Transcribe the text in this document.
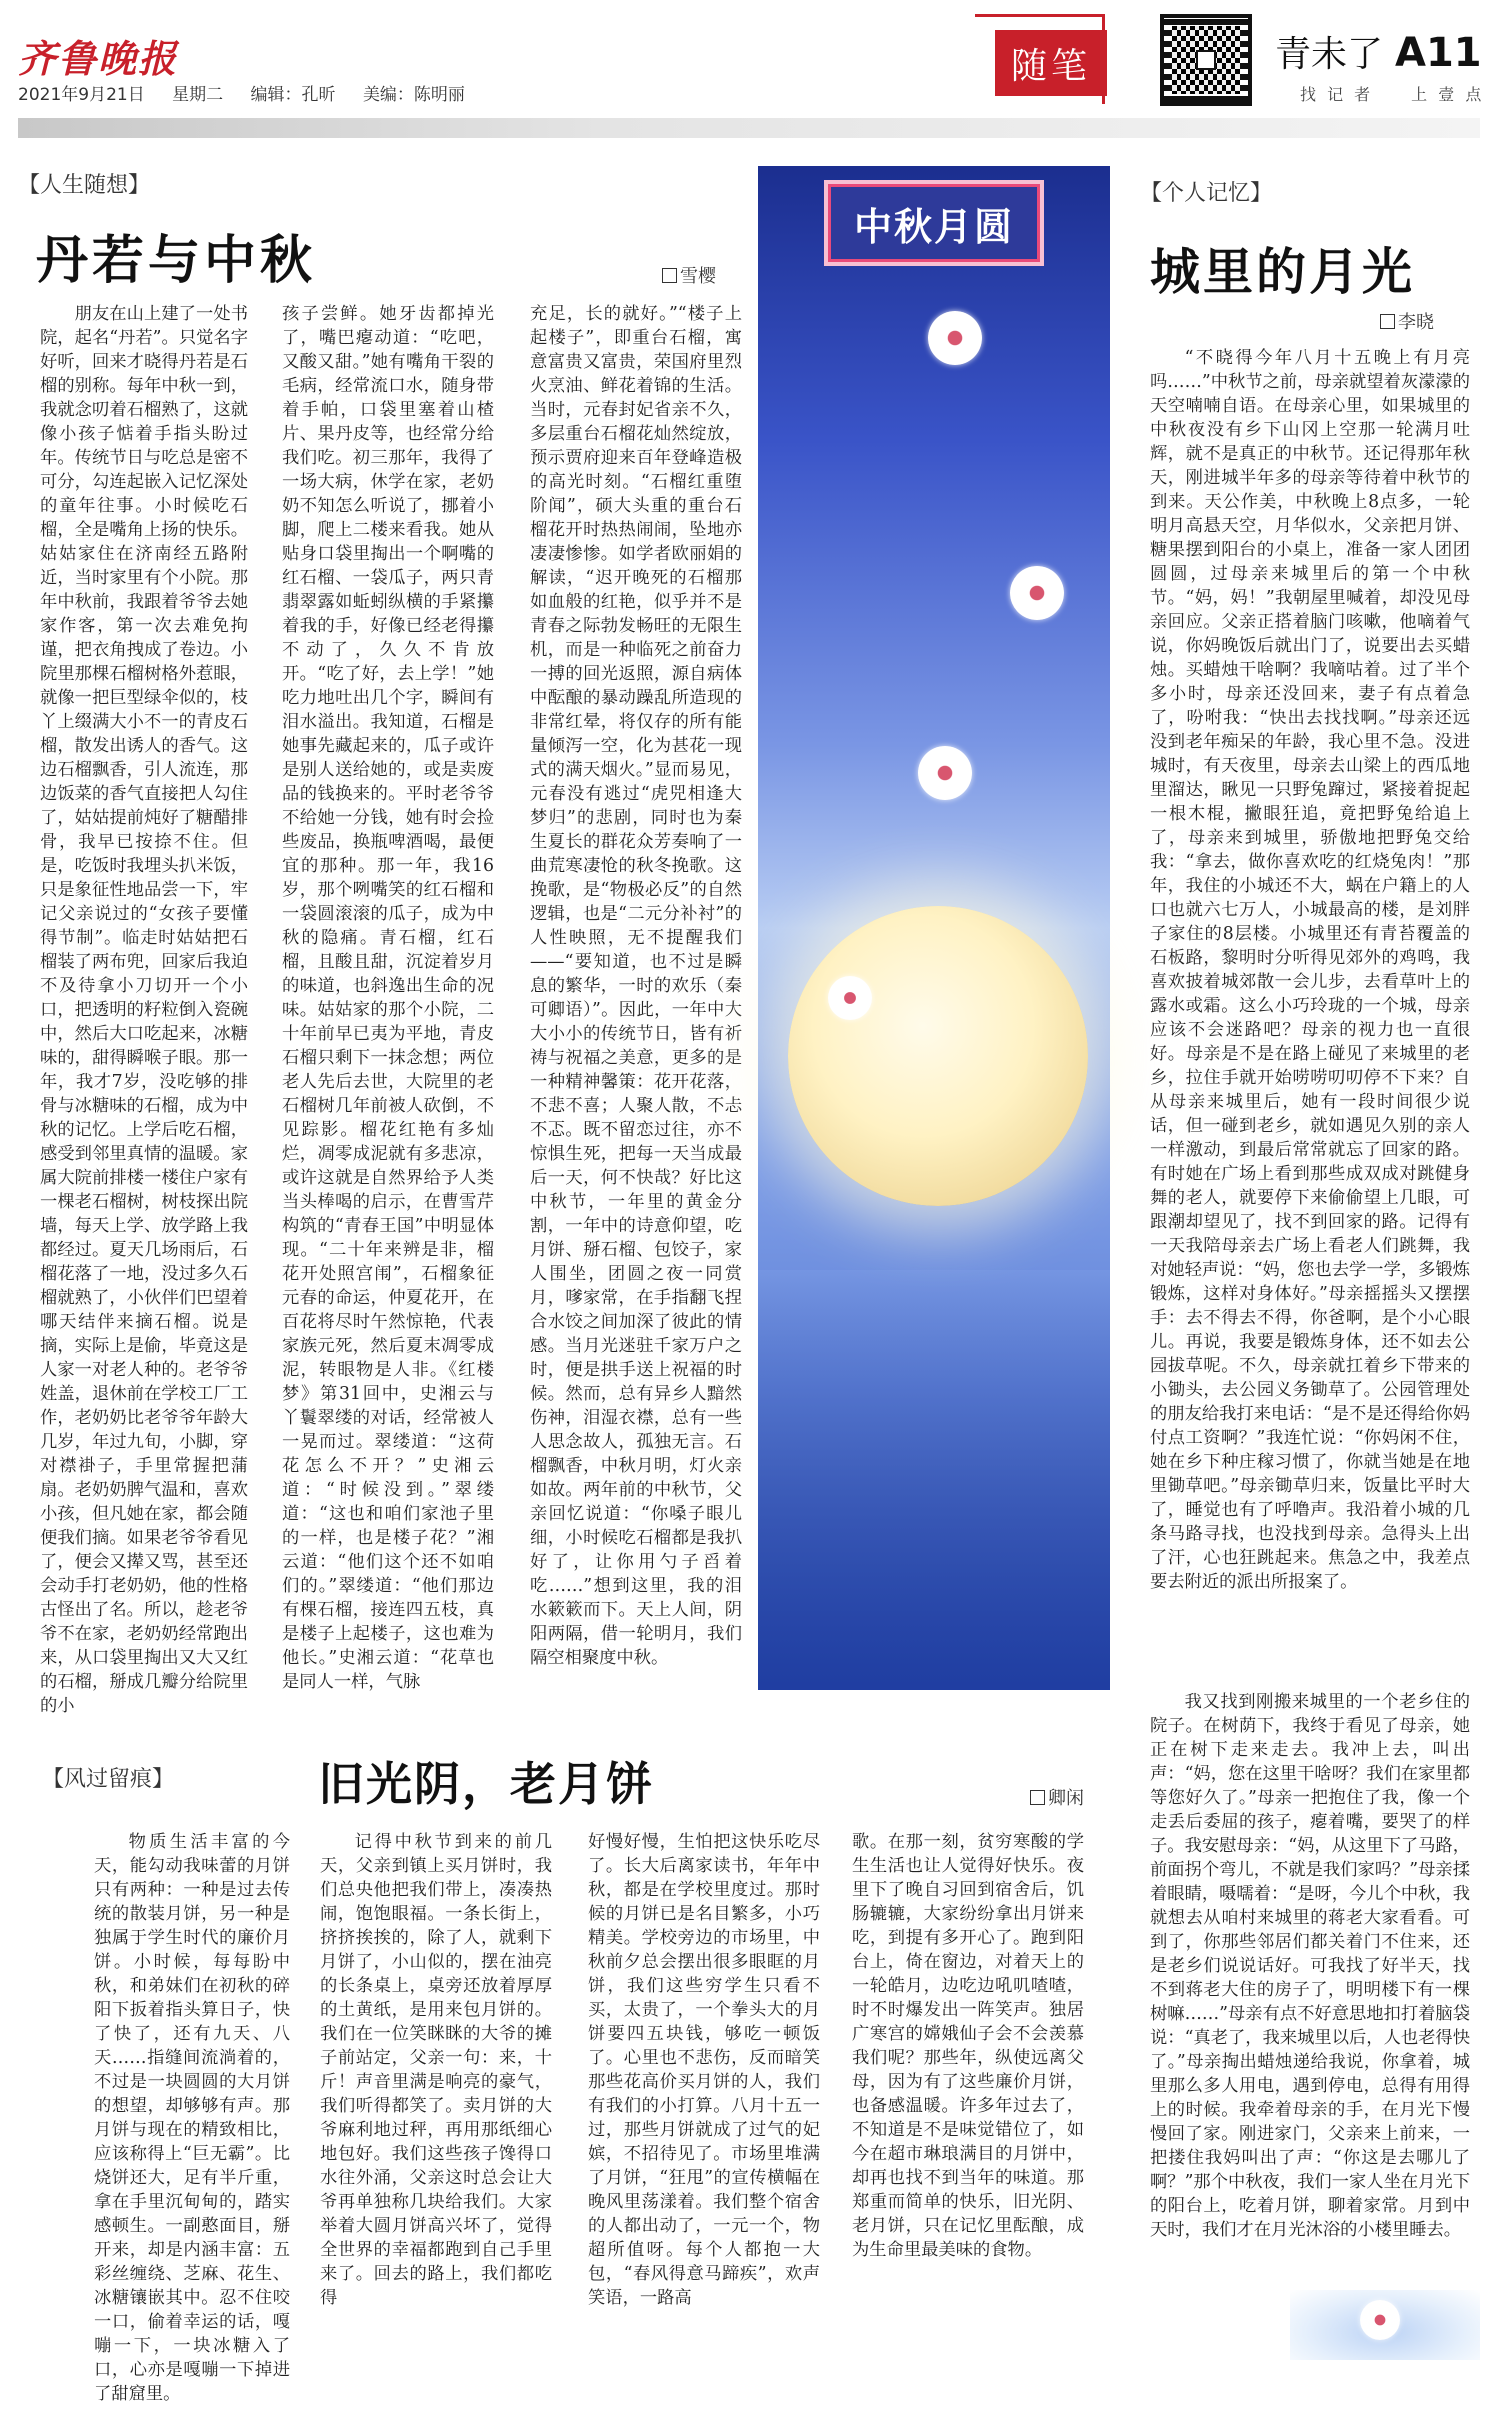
齐鲁晚报
2021年9月21日 星期二 编辑：孔昕 美编：陈明丽
随笔	青未了 A11
找 记 者　　上 壹 点
【人生随想】
丹若与中秋	雪樱

朋友在山上建了一处书院，起名“丹若”。只觉名字好听，回来才晓得丹若是石榴的别称。每年中秋一到，我就念叨着石榴熟了，这就像小孩子惦着手指头盼过年。传统节日与吃总是密不可分，勾连起嵌入记忆深处的童年往事。小时候吃石榴，全是嘴角上扬的快乐。姑姑家住在济南经五路附近，当时家里有个小院。那年中秋前，我跟着爷爷去她家作客，第一次去难免拘谨，把衣角拽成了卷边。小院里那棵石榴树格外惹眼，就像一把巨型绿伞似的，枝丫上缀满大小不一的青皮石榴，散发出诱人的香气。这边石榴飘香，引人流连，那边饭菜的香气直接把人勾住了，姑姑提前炖好了糖醋排骨，我早已按捺不住。但是，吃饭时我埋头扒米饭，只是象征性地品尝一下，牢记父亲说过的“女孩子要懂得节制”。临走时姑姑把石榴装了两布兜，回家后我迫不及待拿小刀切开一个小口，把透明的籽粒倒入瓷碗中，然后大口吃起来，冰糖味的，甜得瞬喉子眼。那一年，我才7岁，没吃够的排骨与冰糖味的石榴，成为中秋的记忆。上学后吃石榴，感受到邻里真情的温暖。家属大院前排楼一楼住户家有一棵老石榴树，树枝探出院墙，每天上学、放学路上我都经过。夏天几场雨后，石榴花落了一地，没过多久石榴就熟了，小伙伴们巴望着哪天结伴来摘石榴。说是摘，实际上是偷，毕竟这是人家一对老人种的。老爷爷姓盖，退休前在学校工厂工作，老奶奶比老爷爷年龄大几岁，年过九旬，小脚，穿对襟褂子，手里常握把蒲扇。老奶奶脾气温和，喜欢小孩，但凡她在家，都会随便我们摘。如果老爷爷看见了，便会又撵又骂，甚至还会动手打老奶奶，他的性格古怪出了名。所以，趁老爷爷不在家，老奶奶经常跑出来，从口袋里掏出又大又红的石榴，掰成几瓣分给院里的小

孩子尝鲜。她牙齿都掉光了，嘴巴瘪动道：“吃吧，又酸又甜。”她有嘴角干裂的毛病，经常流口水，随身带着手帕，口袋里塞着山楂片、果丹皮等，也经常分给我们吃。初三那年，我得了一场大病，休学在家，老奶奶不知怎么听说了，挪着小脚，爬上二楼来看我。她从贴身口袋里掏出一个啊嘴的红石榴、一袋瓜子，两只青翡翠露如蚯蚓纵横的手紧攥着我的手，好像已经老得攥不动了，久久不肯放开。“吃了好，去上学！”她吃力地吐出几个字，瞬间有泪水溢出。我知道，石榴是她事先藏起来的，瓜子或许是别人送给她的，或是卖废品的钱换来的。平时老爷爷不给她一分钱，她有时会捡些废品，换瓶啤酒喝，最便宜的那种。那一年，我16岁，那个咧嘴笑的红石榴和一袋圆滚滚的瓜子，成为中秋的隐痛。青石榴，红石榴，且酸且甜，沉淀着岁月的味道，也斜逸出生命的况味。姑姑家的那个小院，二十年前早已夷为平地，青皮石榴只剩下一抹念想；两位老人先后去世，大院里的老石榴树几年前被人砍倒，不见踪影。榴花红艳有多灿烂，凋零成泥就有多悲凉，或许这就是自然界给予人类当头棒喝的启示，在曹雪芹构筑的“青春王国”中明显体现。“二十年来辨是非，榴花开处照宫闱”，石榴象征元春的命运，仲夏花开，在百花将尽时午然惊艳，代表家族元死，然后夏末凋零成泥，转眼物是人非。《红楼梦》第31回中，史湘云与丫鬟翠缕的对话，经常被人一晃而过。翠缕道：“这荷花怎么不开？”史湘云道：“时候没到。”翠缕道：“这也和咱们家池子里的一样，也是楼子花？”湘云道：“他们这个还不如咱们的。”翠缕道：“他们那边有棵石榴，接连四五枝，真是楼子上起楼子，这也难为他长。”史湘云道：“花草也是同人一样，气脉

充足，长的就好。”“楼子上起楼子”，即重台石榴，寓意富贵又富贵，荣国府里烈火烹油、鲜花着锦的生活。当时，元春封妃省亲不久，多层重台石榴花灿然绽放，预示贾府迎来百年登峰造极的高光时刻。“石榴红重堕阶闻”，硕大头重的重台石榴花开时热热闹闹，坠地亦凄凄惨惨。如学者欧丽娟的解读，“迟开晚死的石榴那如血般的红艳，似乎并不是青春之际勃发畅旺的无限生机，而是一种临死之前奋力一搏的回光返照，源自病体中酝酿的暴动躁乱所造现的非常红晕，将仅存的所有能量倾泻一空，化为甚花一现式的满天烟火。”显而易见，元春没有逃过“虎兕相逢大梦归”的悲剧，同时也为秦生夏长的群花众芳奏响了一曲荒寒凄怆的秋冬挽歌。这挽歌，是“物极必反”的自然逻辑，也是“二元分补衬”的人性映照，无不提醒我们——“要知道，也不过是瞬息的繁华，一时的欢乐（秦可卿语）”。因此，一年中大大小小的传统节日，皆有祈祷与祝福之美意，更多的是一种精神馨策：花开花落，不悲不喜；人聚人散，不忐不忑。既不留恋过往，亦不惊惧生死，把每一天当成最后一天，何不快哉？好比这中秋节，一年里的黄金分割，一年中的诗意仰望，吃月饼、掰石榴、包饺子，家人围坐，团圆之夜一同赏月，嗲家常，在手指翻飞捏合水饺之间加深了彼此的情感。当月光迷驻千家万户之时，便是拱手送上祝福的时候。然而，总有异乡人黯然伤神，泪湿衣襟，总有一些人思念故人，孤独无言。石榴飘香，中秋月明，灯火亲如故。两年前的中秋节，父亲回忆说道：“你嗓子眼儿细，小时候吃石榴都是我扒好了，让你用勺子舀着吃……”想到这里，我的泪水簌簌而下。天上人间，阴阳两隔，借一轮明月，我们隔空相聚度中秋。

中秋月圆
【个人记忆】
城里的月光
李晓

“不晓得今年八月十五晚上有月亮吗……”中秋节之前，母亲就望着灰濛濛的天空喃喃自语。在母亲心里，如果城里的中秋夜没有乡下山冈上空那一轮满月吐辉，就不是真正的中秋节。还记得那年秋天，刚进城半年多的母亲等待着中秋节的到来。天公作美，中秋晚上8点多，一轮明月高悬天空，月华似水，父亲把月饼、糖果摆到阳台的小桌上，准备一家人团团圆圆，过母亲来城里后的第一个中秋节。“妈，妈！”我朝屋里喊着，却没见母亲回应。父亲正搭着脑门咳嗽，他嘀着气说，你妈晚饭后就出门了，说要出去买蜡烛。买蜡烛干啥啊？我嘀咕着。过了半个多小时，母亲还没回来，妻子有点着急了，吩咐我：“快出去找找啊。”母亲还远没到老年痴呆的年龄，我心里不急。没进城时，有天夜里，母亲去山梁上的西瓜地里溜达，瞅见一只野兔蹿过，紧接着捉起一根木棍，撇眼狂追，竟把野兔给追上了，母亲来到城里，骄傲地把野兔交给我：“拿去，做你喜欢吃的红烧兔肉！”那年，我住的小城还不大，蜗在户籍上的人口也就六七万人，小城最高的楼，是刘胖子家住的8层楼。小城里还有青苔覆盖的石板路，黎明时分听得见郊外的鸡鸣，我喜欢披着城郊散一会儿步，去看草叶上的露水或霜。这么小巧玲珑的一个城，母亲应该不会迷路吧？母亲的视力也一直很好。母亲是不是在路上碰见了来城里的老乡，拉住手就开始唠唠叨叨停不下来？自从母亲来城里后，她有一段时间很少说话，但一碰到老乡，就如遇见久别的亲人一样激动，到最后常常就忘了回家的路。有时她在广场上看到那些成双成对跳健身舞的老人，就要停下来偷偷望上几眼，可跟潮却望见了，找不到回家的路。记得有一天我陪母亲去广场上看老人们跳舞，我对她轻声说：“妈，您也去学一学，多锻炼锻炼，这样对身体好。”母亲摇摇头又摆摆手：去不得去不得，你爸啊，是个小心眼儿。再说，我要是锻炼身体，还不如去公园拔草呢。不久，母亲就扛着乡下带来的小锄头，去公园义务锄草了。公园管理处的朋友给我打来电话：“是不是还得给你妈付点工资啊？”我连忙说：“你妈闲不住，她在乡下种庄稼习惯了，你就当她是在地里锄草吧。”母亲锄草归来，饭量比平时大了，睡觉也有了呼噜声。我沿着小城的几条马路寻找，也没找到母亲。急得头上出了汗，心也狂跳起来。焦急之中，我差点要去附近的派出所报案了。

【风过留痕】	旧光阴，老月饼	卿闲

物质生活丰富的今天，能勾动我味蕾的月饼只有两种：一种是过去传统的散装月饼，另一种是独属于学生时代的廉价月饼。小时候，每每盼中秋，和弟妹们在初秋的碎阳下扳着指头算日子，快了快了，还有九天、八天……指缝间流淌着的，不过是一块圆圆的大月饼的想望，却够够有声。那月饼与现在的精致相比，应该称得上“巨无霸”。比烧饼还大，足有半斤重，拿在手里沉甸甸的，踏实感顿生。一副憨面目，掰开来，却是内涵丰富：五彩丝缠绕、芝麻、花生、冰糖镶嵌其中。忍不住咬一口，偷着幸运的话，嘎嘣一下，一块冰糖入了口，心亦是嘎嘣一下掉进了甜窟里。

记得中秋节到来的前几天，父亲到镇上买月饼时，我们总央他把我们带上，凑凑热闹，饱饱眼福。一条长街上，挤挤挨挨的，除了人，就剩下月饼了，小山似的，摆在油亮的长条桌上，桌旁还放着厚厚的土黄纸，是用来包月饼的。我们在一位笑眯眯的大爷的摊子前站定，父亲一句：来，十斤！声音里满是响亮的豪气，我们听得都笑了。卖月饼的大爷麻利地过秤，再用那纸细心地包好。我们这些孩子馋得口水往外涌，父亲这时总会让大爷再单独称几块给我们。大家举着大圆月饼高兴坏了，觉得全世界的幸福都跑到自己手里来了。回去的路上，我们都吃得

好慢好慢，生怕把这快乐吃尽了。长大后离家读书，年年中秋，都是在学校里度过。那时候的月饼已是名目繁多，小巧精美。学校旁边的市场里，中秋前夕总会摆出很多眼眶的月饼，我们这些穷学生只看不买，太贵了，一个拳头大的月饼要四五块钱，够吃一顿饭了。心里也不悲伤，反而暗笑那些花高价买月饼的人，我们有我们的小打算。八月十五一过，那些月饼就成了过气的妃嫔，不招待见了。市场里堆满了月饼，“狂甩”的宣传横幅在晚风里荡漾着。我们整个宿舍的人都出动了，一元一个，物超所值呀。每个人都抱一大包，“春风得意马蹄疾”，欢声笑语，一路高

歌。在那一刻，贫穷寒酸的学生生活也让人觉得好快乐。夜里下了晚自习回到宿舍后，饥肠辘辘，大家纷纷拿出月饼来吃，到提有多开心了。跑到阳台上，倚在窗边，对着天上的一轮皓月，边吃边吼叽喳喳，时不时爆发出一阵笑声。独居广寒宫的嫦娥仙子会不会羡慕我们呢？那些年，纵使远离父母，因为有了这些廉价月饼，也备感温暖。许多年过去了，不知道是不是味觉错位了，如今在超市琳琅满目的月饼中，却再也找不到当年的味道。那郑重而简单的快乐，旧光阴、老月饼，只在记忆里酝酿，成为生命里最美味的食物。

我又找到刚搬来城里的一个老乡住的院子。在树荫下，我终于看见了母亲，她正在树下走来走去。我冲上去，叫出声：“妈，您在这里干啥呀？我们在家里都等您好久了。”母亲一把抱住了我，像一个走丢后委屈的孩子，瘪着嘴，要哭了的样子。我安慰母亲：“妈，从这里下了马路，前面拐个弯儿，不就是我们家吗？”母亲揉着眼睛，嗫嚅着：“是呀，今儿个中秋，我就想去从咱村来城里的蒋老大家看看。可到了，你那些邻居们都关着门不住来，还是老乡们说说话好。可我找了好半天，找不到蒋老大住的房子了，明明楼下有一棵树嘛……”母亲有点不好意思地扣打着脑袋说：“真老了，我来城里以后，人也老得快了。”母亲掏出蜡烛递给我说，你拿着，城里那么多人用电，遇到停电，总得有用得上的时候。我牵着母亲的手，在月光下慢慢回了家。刚进家门，父亲来上前来，一把搂住我妈叫出了声：“你这是去哪儿了啊？”那个中秋夜，我们一家人坐在月光下的阳台上，吃着月饼，聊着家常。月到中天时，我们才在月光沐浴的小楼里睡去。
